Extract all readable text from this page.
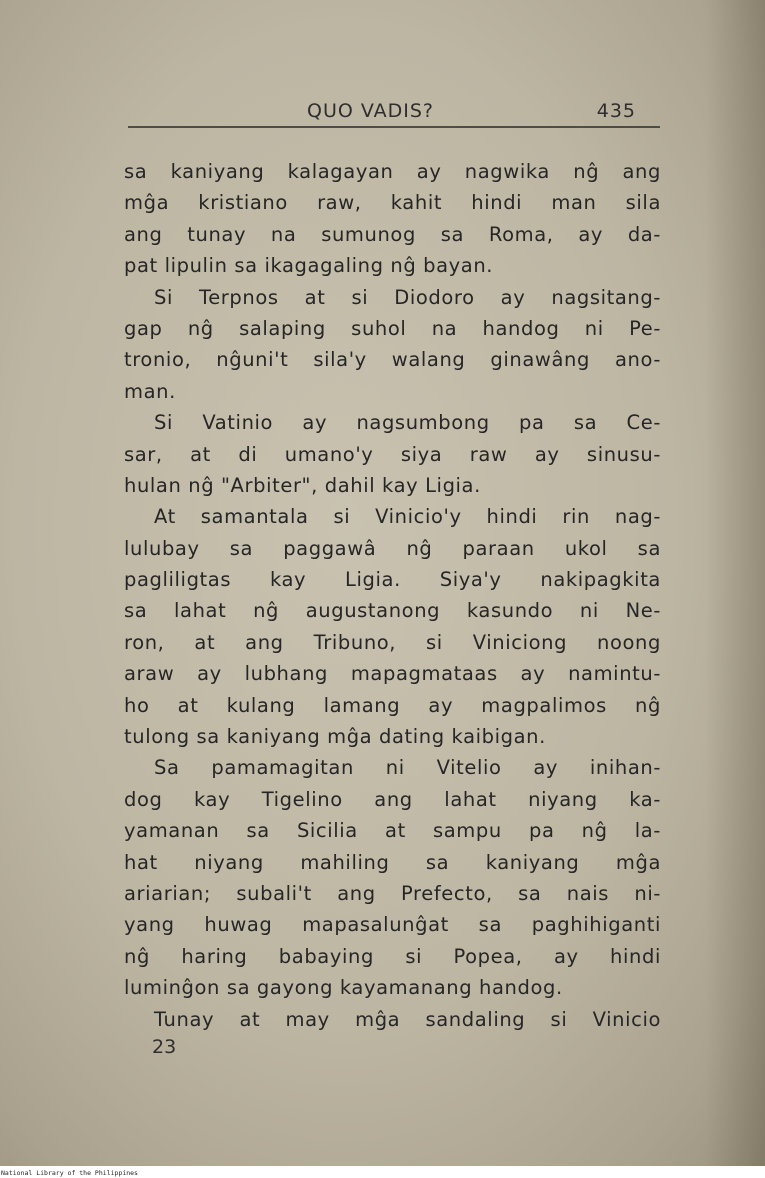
QUO VADIS?	435
sa kaniyang kalagayan ay nagwika nĝ ang
mĝa kristiano raw, kahit hindi man sila
ang tunay na sumunog sa Roma, ay da-
pat lipulin sa ikagagaling nĝ bayan.
Si Terpnos at si Diodoro ay nagsitang-
gap nĝ salaping suhol na handog ni Pe-
tronio, nĝuni't sila'y walang ginawâng ano-
man.
Si Vatinio ay nagsumbong pa sa Ce-
sar, at di umano'y siya raw ay sinusu-
hulan nĝ "Arbiter", dahil kay Ligia.
At samantala si Vinicio'y hindi rin nag-
lulubay sa paggawâ nĝ paraan ukol sa
pagliligtas kay Ligia. Siya'y nakipagkita
sa lahat nĝ augustanong kasundo ni Ne-
ron, at ang Tribuno, si Viniciong noong
araw ay lubhang mapagmataas ay namintu-
ho at kulang lamang ay magpalimos nĝ
tulong sa kaniyang mĝa dating kaibigan.
Sa pamamagitan ni Vitelio ay inihan-
dog kay Tigelino ang lahat niyang ka-
yamanan sa Sicilia at sampu pa nĝ la-
hat niyang mahiling sa kaniyang mĝa
ariarian; subali't ang Prefecto, sa nais ni-
yang huwag mapasalunĝat sa paghihiganti
nĝ haring babaying si Popea, ay hindi
luminĝon sa gayong kayamanang handog.
Tunay at may mĝa sandaling si Vinicio
23
National Library of the Philippines
